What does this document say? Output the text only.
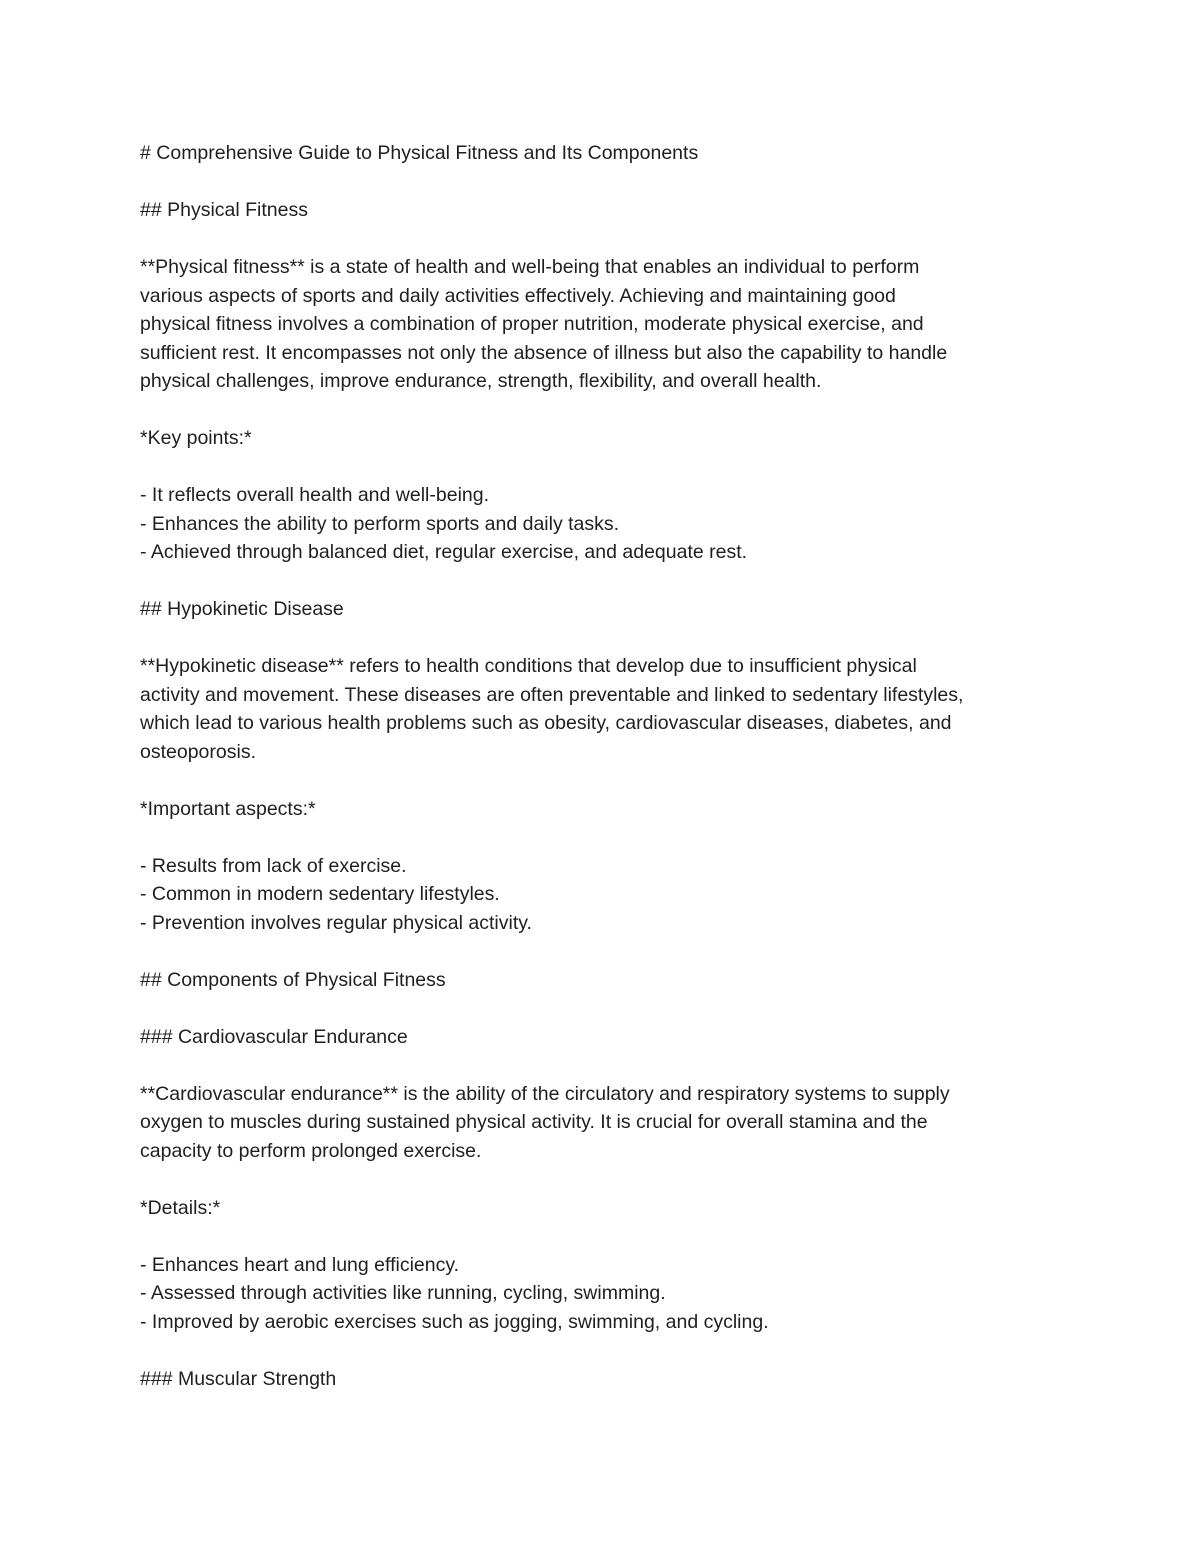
# Comprehensive Guide to Physical Fitness and Its Components
## Physical Fitness
**Physical fitness** is a state of health and well-being that enables an individual to perform
various aspects of sports and daily activities effectively. Achieving and maintaining good
physical fitness involves a combination of proper nutrition, moderate physical exercise, and
sufficient rest. It encompasses not only the absence of illness but also the capability to handle
physical challenges, improve endurance, strength, flexibility, and overall health.
*Key points:*
- It reflects overall health and well-being.
- Enhances the ability to perform sports and daily tasks.
- Achieved through balanced diet, regular exercise, and adequate rest.
## Hypokinetic Disease
**Hypokinetic disease** refers to health conditions that develop due to insufficient physical
activity and movement. These diseases are often preventable and linked to sedentary lifestyles,
which lead to various health problems such as obesity, cardiovascular diseases, diabetes, and
osteoporosis.
*Important aspects:*
- Results from lack of exercise.
- Common in modern sedentary lifestyles.
- Prevention involves regular physical activity.
## Components of Physical Fitness
### Cardiovascular Endurance
**Cardiovascular endurance** is the ability of the circulatory and respiratory systems to supply
oxygen to muscles during sustained physical activity. It is crucial for overall stamina and the
capacity to perform prolonged exercise.
*Details:*
- Enhances heart and lung efficiency.
- Assessed through activities like running, cycling, swimming.
- Improved by aerobic exercises such as jogging, swimming, and cycling.
### Muscular Strength
